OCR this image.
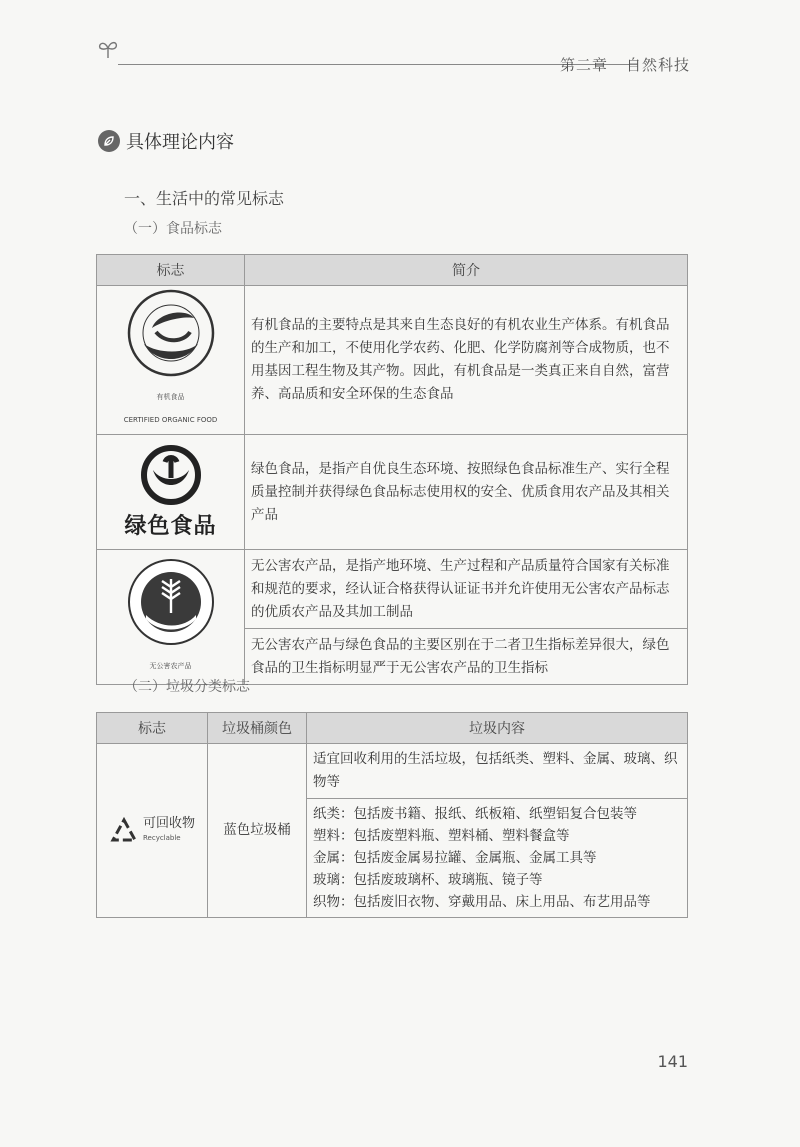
第二章 自然科技
具体理论内容
一、生活中的常见标志
（一）食品标志
标志	简介

有机食品
CERTIFIED ORGANIC FOOD	有机食品的主要特点是其来自生态良好的有机农业生产体系。有机食品的生产和加工，不使用化学农药、化肥、化学防腐剂等合成物质，也不用基因工程生物及其产物。因此，有机食品是一类真正来自自然，富营养、高品质和安全环保的生态食品

绿色食品	绿色食品，是指产自优良生态环境、按照绿色食品标准生产、实行全程质量控制并获得绿色食品标志使用权的安全、优质食用农产品及其相关产品

无公害农产品	无公害农产品，是指产地环境、生产过程和产品质量符合国家有关标准和规范的要求，经认证合格获得认证证书并允许使用无公害农产品标志的优质农产品及其加工制品
	无公害农产品与绿色食品的主要区别在于二者卫生指标差异很大，绿色食品的卫生指标明显严于无公害农产品的卫生指标
（二）垃圾分类标志
标志	垃圾桶颜色	垃圾内容

可回收物
Recyclable	蓝色垃圾桶	适宜回收利用的生活垃圾，包括纸类、塑料、金属、玻璃、织物等

		纸类：包括废书籍、报纸、纸板箱、纸塑铝复合包装等
塑料：包括废塑料瓶、塑料桶、塑料餐盒等
金属：包括废金属易拉罐、金属瓶、金属工具等
玻璃：包括废玻璃杯、玻璃瓶、镜子等
织物：包括废旧衣物、穿戴用品、床上用品、布艺用品等
141
